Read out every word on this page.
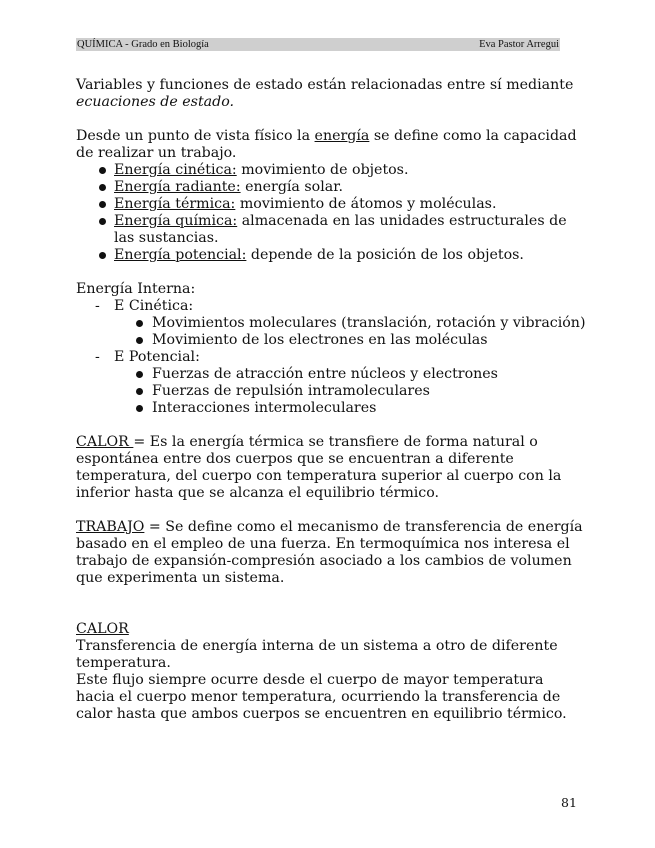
QUÍMICA - Grado en Biología	Eva Pastor Arregui

Variables y funciones de estado están relacionadas entre sí mediante
ecuaciones de estado.

Desde un punto de vista físico la energía se define como la capacidad de realizar un trabajo.

Energía cinética: movimiento de objetos.
Energía radiante: energía solar.
Energía térmica: movimiento de átomos y moléculas.
Energía química: almacenada en las unidades estructurales de las sustancias.
Energía potencial: depende de la posición de los objetos.

Energía Interna:

- E Cinética:
Movimientos moleculares (translación, rotación y vibración)
Movimiento de los electrones en las moléculas
- E Potencial:
Fuerzas de atracción entre núcleos y electrones
Fuerzas de repulsión intramoleculares
Interacciones intermoleculares

CALOR = Es la energía térmica se transfiere de forma natural o espontánea entre dos cuerpos que se encuentran a diferente temperatura, del cuerpo con temperatura superior al cuerpo con la inferior hasta que se alcanza el equilibrio térmico.

TRABAJO = Se define como el mecanismo de transferencia de energía basado en el empleo de una fuerza. En termoquímica nos interesa el trabajo de expansión-compresión asociado a los cambios de volumen que experimenta un sistema.

CALOR

Transferencia de energía interna de un sistema a otro de diferente temperatura.

Este flujo siempre ocurre desde el cuerpo de mayor temperatura hacia el cuerpo menor temperatura, ocurriendo la transferencia de calor hasta que ambos cuerpos se encuentren en equilibrio térmico.

81
